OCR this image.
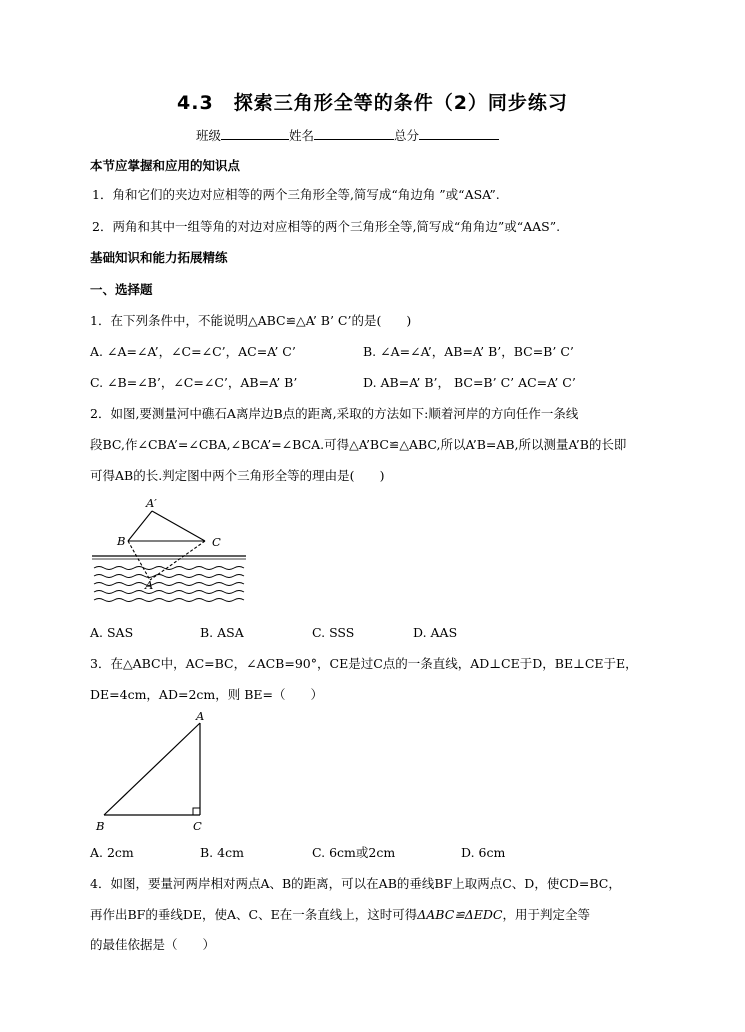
4.3　探索三角形全等的条件（2）同步练习
班级	姓名	总分
本节应掌握和应用的知识点
1．角和它们的夹边对应相等的两个三角形全等,简写成“角边角 ”或“ASA”.
2．两角和其中一组等角的对边对应相等的两个三角形全等,简写成“角角边”或“AAS”.
基础知识和能力拓展精练
一、选择题
1．在下列条件中，不能说明△ABC≌△A’ B’ C’的是(　　)
A. ∠A=∠A’，∠C=∠C’，AC=A’ C’	B. ∠A=∠A’，AB=A’ B’，BC=B’ C’
C. ∠B=∠B’，∠C=∠C’，AB=A’ B’	D. AB=A’ B’， BC=B’ C’ AC=A’ C’
2．如图,要测量河中礁石A离岸边B点的距离,采取的方法如下:顺着河岸的方向任作一条线
段BC,作∠CBA’=∠CBA,∠BCA’=∠BCA.可得△A’BC≌△ABC,所以A’B=AB,所以测量A’B的长即
可得AB的长.判定图中两个三角形全等的理由是(　　)
A′
B	C
A
A
B	C
A. SAS	B. ASA	C. SSS	D. AAS
3．在△ABC中，AC=BC，∠ACB=90°，CE是过C点的一条直线，AD⊥CE于D，BE⊥CE于E，
DE=4cm，AD=2cm，则 BE=（　　）
A. 2cm	B. 4cm	C. 6cm或2cm	D. 6cm
4．如图，要量河两岸相对两点A、B的距离，可以在AB的垂线BF上取两点C、D，使CD=BC，
再作出BF的垂线DE，使A、C、E在一条直线上，这时可得ΔABC≌ΔEDC，用于判定全等
的最佳依据是（　　）
